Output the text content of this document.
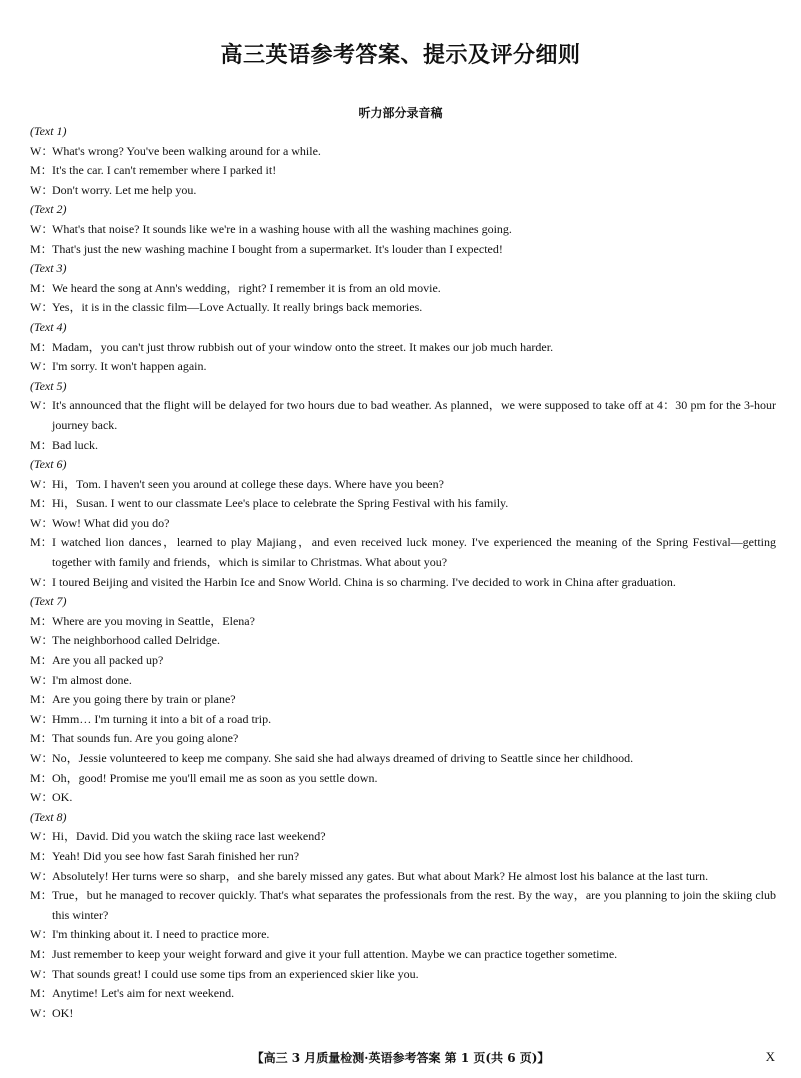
高三英语参考答案、提示及评分细则
听力部分录音稿
(Text 1)
W：
What's wrong? You've been walking around for a while.
M： It's the car. I can't remember where I parked it!
W：
Don't worry. Let me help you.
(Text 2)
W：
What's that noise? It sounds like we're in a washing house with all the washing machines going.
M： That's just the new washing machine I bought from a supermarket. It's louder than I expected!
(Text 3)
M： We heard the song at Ann's wedding，right? I remember it is from an old movie.
W：
Yes，it is in the classic film—Love Actually. It really brings back memories.
(Text 4)
M： Madam，you can't just throw rubbish out of your window onto the street. It makes our job much harder.
W：
I'm sorry. It won't happen again.
(Text 5)
W：
It's announced that the flight will be delayed for two hours due to bad weather. As planned，we were supposed to take off at 4：30 pm for the 3-hour journey back.
M： Bad luck.
(Text 6)
W：
Hi，Tom. I haven't seen you around at college these days. Where have you been?
M： Hi，Susan. I went to our classmate Lee's place to celebrate the Spring Festival with his family.
W：
Wow! What did you do?
M： I watched lion dances，learned to play Majiang，and even received luck money. I've experienced the meaning of the Spring Festival—getting together with family and friends，which is similar to Christmas. What about you?
W：
I toured Beijing and visited the Harbin Ice and Snow World. China is so charming. I've decided to work in China after graduation.
(Text 7)
M： Where are you moving in Seattle，Elena?
W：
The neighborhood called Delridge.
M： Are you all packed up?
W：
I'm almost done.
M： Are you going there by train or plane?
W：
Hmm… I'm turning it into a bit of a road trip.
M： That sounds fun. Are you going alone?
W：
No，Jessie volunteered to keep me company. She said she had always dreamed of driving to Seattle since her childhood.
M： Oh，good! Promise me you'll email me as soon as you settle down.
W：
OK.
(Text 8)
W：
Hi，David. Did you watch the skiing race last weekend?
M： Yeah! Did you see how fast Sarah finished her run?
W：
Absolutely! Her turns were so sharp，and she barely missed any gates. But what about Mark? He almost lost his balance at the last turn.
M： True，but he managed to recover quickly. That's what separates the professionals from the rest. By the way，are you planning to join the skiing club this winter?
W：
I'm thinking about it. I need to practice more.
M： Just remember to keep your weight forward and give it your full attention. Maybe we can practice together sometime.
W：
That sounds great! I could use some tips from an experienced skier like you.
M： Anytime! Let's aim for next weekend.
W：
OK!
【高三 3 月质量检测·英语参考答案 第 1 页(共 6 页)】	X
